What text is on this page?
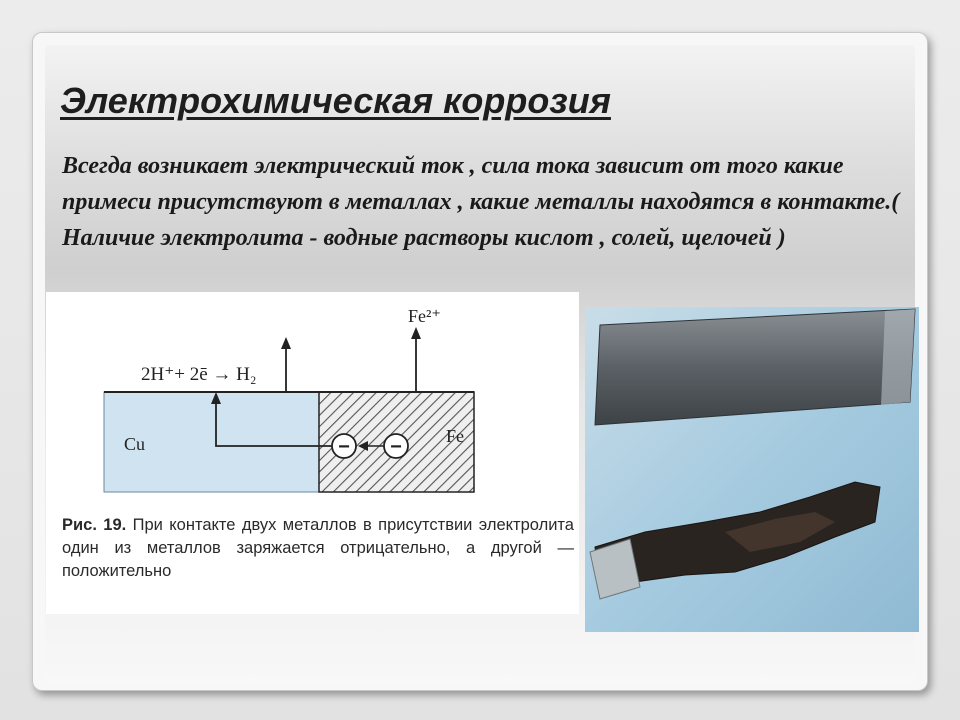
Электрохимическая коррозия

Всегда возникает электрический ток , сила тока зависит от того какие примеси присутствуют в металлах , какие металлы находятся в контакте.( Наличие электролита - водные растворы кислот , солей, щелочей )

− −
2H⁺+ 2ē → H₂
Fe²⁺
Cu	Fe
Рис. 19. При контакте двух металлов в присутствии электролита один из металлов заряжается отрицательно, а другой — положительно
